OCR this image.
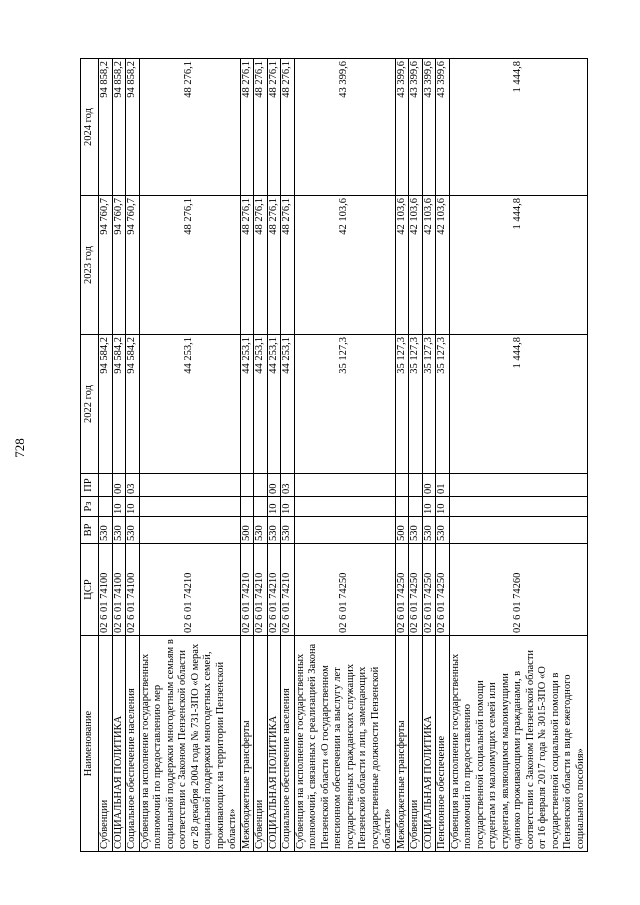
728
Наименование	ЦСР	ВР	Рз	ПР	2022 год	2023 год	2024 год
Субвенции	02 6 01 74100	530			94 584,2	94 760,7	94 858,2
СОЦИАЛЬНАЯ ПОЛИТИКА	02 6 01 74100	530	10	00	94 584,2	94 760,7	94 858,2
Социальное обеспечение населения	02 6 01 74100	530	10	03	94 584,2	94 760,7	94 858,2
Субвенция на исполнение государственных полномочий по предоставлению мер социальной поддержки многодетным семьям в соответствии с Законом Пензенской области от 28 декабря 2004 года № 731-ЗПО «О мерах социальной поддержки многодетных семей, проживающих на территории Пензенской области»	02 6 01 74210				44 253,1	48 276,1	48 276,1
Межбюджетные трансферты	02 6 01 74210	500			44 253,1	48 276,1	48 276,1
Субвенции	02 6 01 74210	530			44 253,1	48 276,1	48 276,1
СОЦИАЛЬНАЯ ПОЛИТИКА	02 6 01 74210	530	10	00	44 253,1	48 276,1	48 276,1
Социальное обеспечение населения	02 6 01 74210	530	10	03	44 253,1	48 276,1	48 276,1
Субвенция на исполнение государственных полномочий, связанных с реализацией Закона Пензенской области «О государственном пенсионном обеспечении за выслугу лет государственных гражданских служащих Пензенской области и лиц, замещающих государственные должности Пензенской области»	02 6 01 74250				35 127,3	42 103,6	43 399,6
Межбюджетные трансферты	02 6 01 74250	500			35 127,3	42 103,6	43 399,6
Субвенции	02 6 01 74250	530			35 127,3	42 103,6	43 399,6
СОЦИАЛЬНАЯ ПОЛИТИКА	02 6 01 74250	530	10	00	35 127,3	42 103,6	43 399,6
Пенсионное обеспечение	02 6 01 74250	530	10	01	35 127,3	42 103,6	43 399,6
Субвенция на исполнение государственных полномочий по предоставлению государственной социальной помощи студентам из малоимущих семей или студентам, являющимся малоимущими одиноко проживающими гражданами, в соответствии с Законом Пензенской области от 16 февраля 2017 года № 3015-ЗПО «О государственной социальной помощи в Пензенской области в виде ежегодного социального пособия»	02 6 01 74260				1 444,8	1 444,8	1 444,8
